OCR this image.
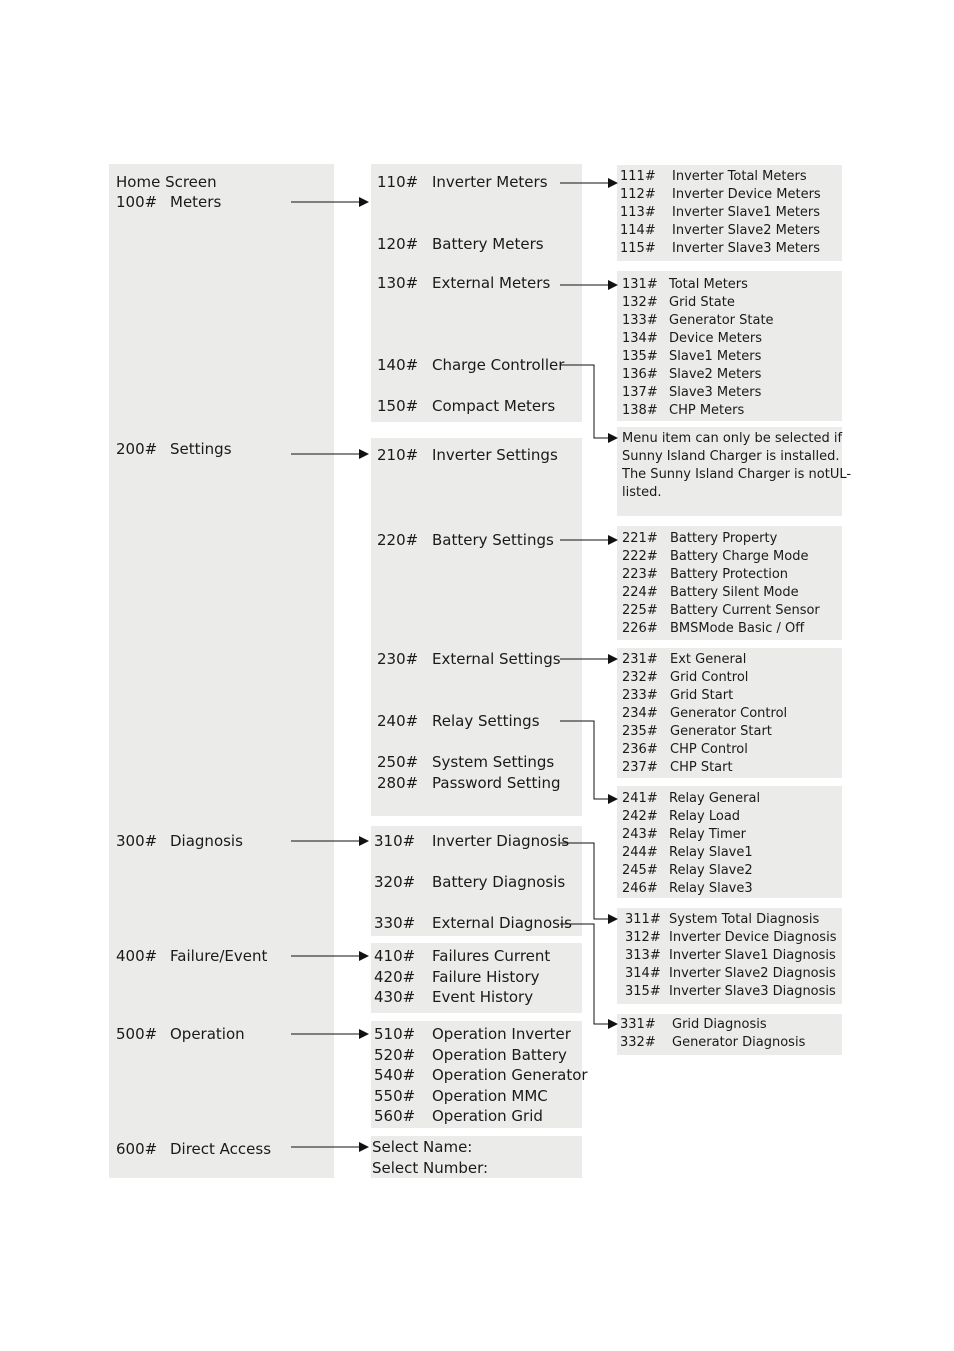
Home Screen
100# Meters
200# Settings
300# Diagnosis
400# Failure/Event
500# Operation
600# Direct Access
110# Inverter Meters
120# Battery Meters
130# External Meters
140# Charge Controller
150# Compact Meters
210# Inverter Settings
220# Battery Settings
230# External Settings
240# Relay Settings
250# System Settings
280# Password Setting
310# Inverter Diagnosis
320# Battery Diagnosis
330# External Diagnosis
410# Failures Current
420# Failure History
430# Event History
510# Operation Inverter
520# Operation Battery
540# Operation Generator
550# Operation MMC
560# Operation Grid
Select Name:
Select Number:
111# Inverter Total Meters
112# Inverter Device Meters
113# Inverter Slave1 Meters
114# Inverter Slave2 Meters
115# Inverter Slave3 Meters
131# Total Meters
132# Grid State
133# Generator State
134# Device Meters
135# Slave1 Meters
136# Slave2 Meters
137# Slave3 Meters
138# CHP Meters
Menu item can only be selected if
Sunny Island Charger is installed.
The Sunny Island Charger is notUL-
listed.
221# Battery Property
222# Battery Charge Mode
223# Battery Protection
224# Battery Silent Mode
225# Battery Current Sensor
226# BMSMode Basic / Off
231# Ext General
232# Grid Control
233# Grid Start
234# Generator Control
235# Generator Start
236# CHP Control
237# CHP Start
241# Relay General
242# Relay Load
243# Relay Timer
244# Relay Slave1
245# Relay Slave2
246# Relay Slave3
311# System Total Diagnosis
312# Inverter Device Diagnosis
313# Inverter Slave1 Diagnosis
314# Inverter Slave2 Diagnosis
315# Inverter Slave3 Diagnosis
331# Grid Diagnosis
332# Generator Diagnosis
